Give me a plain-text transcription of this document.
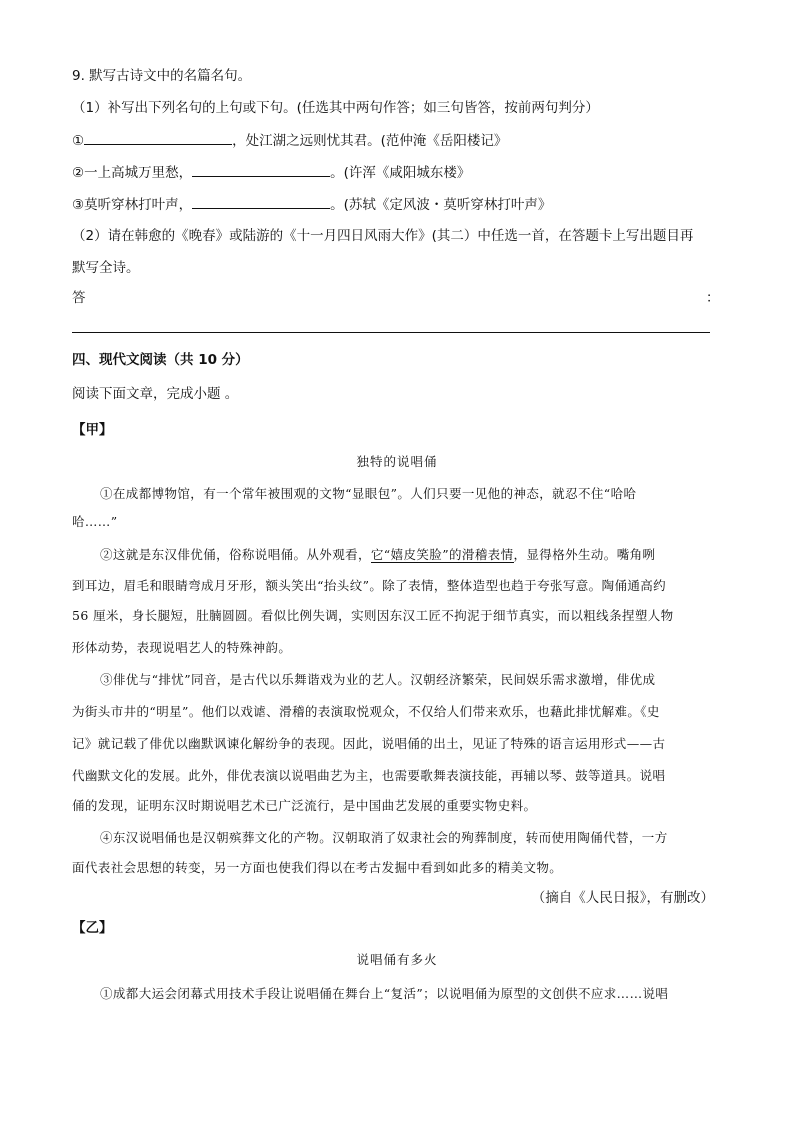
9. 默写古诗文中的名篇名句。
（1）补写出下列名句的上句或下句。(任选其中两句作答；如三句皆答，按前两句判分）
①	，处江湖之远则忧其君。(范仲淹《岳阳楼记》
②一上高城万里愁，	。(许浑《咸阳城东楼》
③莫听穿林打叶声，	。(苏轼《定风波・莫听穿林打叶声》
（2）请在韩愈的《晚春》或陆游的《十一月四日风雨大作》(其二）中任选一首，在答题卡上写出题目再
默写全诗。
答	：
四、现代文阅读（共 10 分）
阅读下面文章，完成小题 。
【甲】
独特的说唱俑
①在成都博物馆，有一个常年被围观的文物“显眼包”。人们只要一见他的神态，就忍不住“哈哈
哈……”
②这就是东汉俳优俑，俗称说唱俑。从外观看，它“嬉皮笑脸”的滑稽表情，显得格外生动。嘴角咧
到耳边，眉毛和眼睛弯成月牙形，额头笑出“抬头纹”。除了表情，整体造型也趋于夸张写意。陶俑通高约
56 厘米，身长腿短，肚腩圆圆。看似比例失调，实则因东汉工匠不拘泥于细节真实，而以粗线条捏塑人物
形体动势，表现说唱艺人的特殊神韵。
③俳优与“排忧”同音，是古代以乐舞谐戏为业的艺人。汉朝经济繁荣，民间娱乐需求激增，俳优成
为街头市井的“明星”。他们以戏谑、滑稽的表演取悦观众，不仅给人们带来欢乐，也藉此排忧解难。《史
记》就记载了俳优以幽默讽谏化解纷争的表现。因此，说唱俑的出土，见证了特殊的语言运用形式——古
代幽默文化的发展。此外，俳优表演以说唱曲艺为主，也需要歌舞表演技能，再辅以琴、鼓等道具。说唱
俑的发现，证明东汉时期说唱艺术已广泛流行，是中国曲艺发展的重要实物史料。
④东汉说唱俑也是汉朝殡葬文化的产物。汉朝取消了奴隶社会的殉葬制度，转而使用陶俑代替，一方
面代表社会思想的转变，另一方面也使我们得以在考古发掘中看到如此多的精美文物。
（摘自《人民日报》，有删改）
【乙】
说唱俑有多火
①成都大运会闭幕式用技术手段让说唱俑在舞台上“复活”；以说唱俑为原型的文创供不应求……说唱
